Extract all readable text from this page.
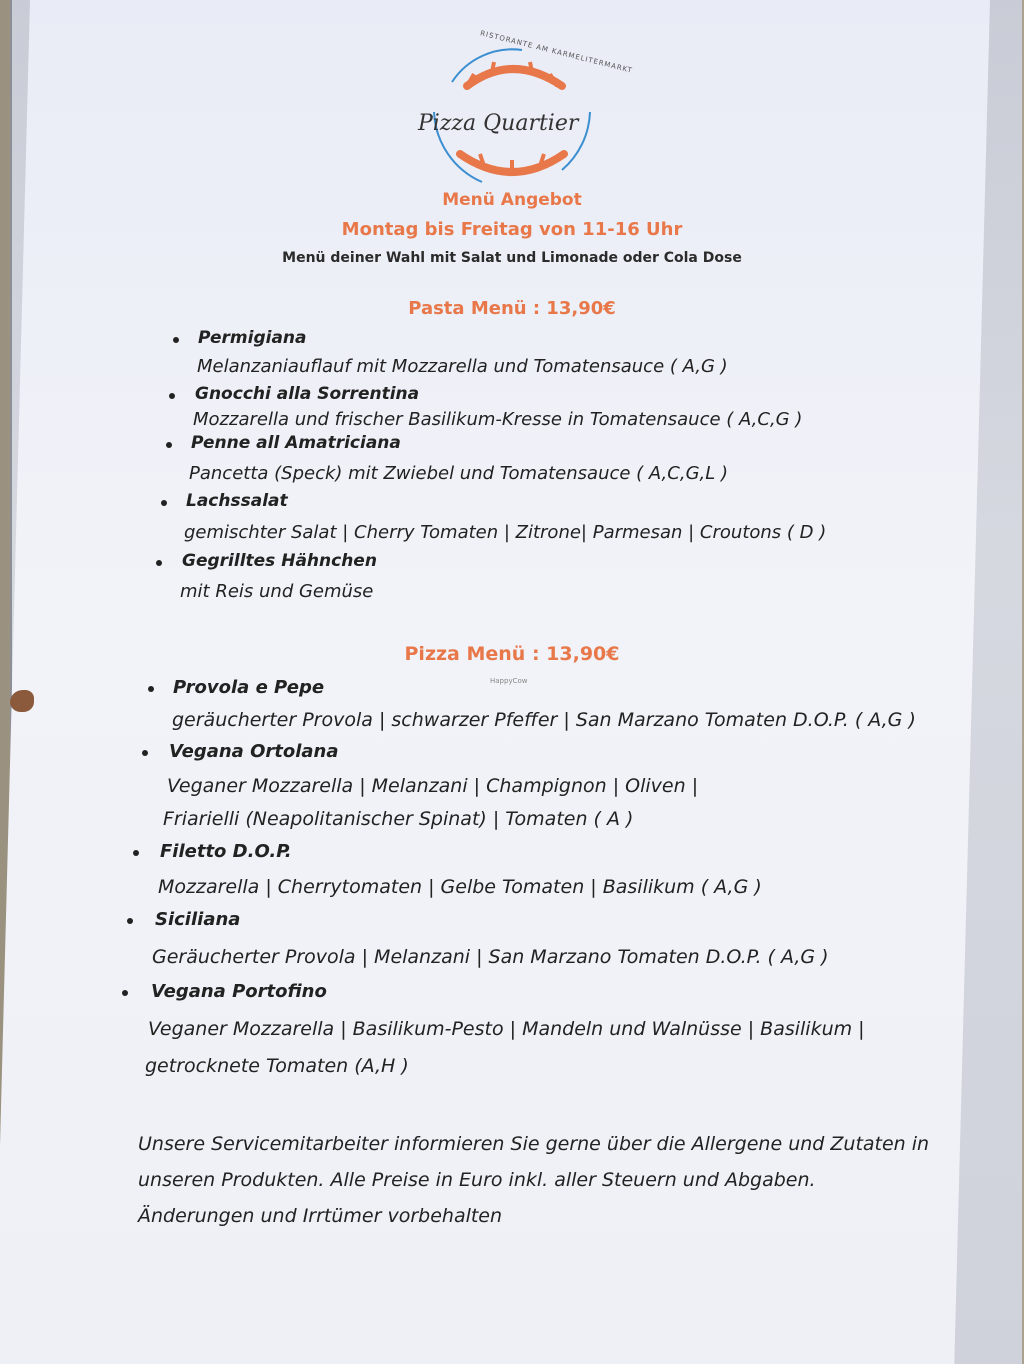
Pizza Quartier
RISTORANTE AM KARMELITERMARKT
Menü Angebot
Montag bis Freitag von 11-16 Uhr
Menü deiner Wahl mit Salat und Limonade oder Cola Dose
Pasta Menü : 13,90€
Permigiana
Melanzaniauflauf mit Mozzarella und Tomatensauce ( A,G )
Gnocchi alla Sorrentina
Mozzarella und frischer Basilikum-Kresse in Tomatensauce ( A,C,G )
Penne all Amatriciana
Pancetta (Speck) mit Zwiebel und Tomatensauce ( A,C,G,L )
Lachssalat
gemischter Salat | Cherry Tomaten | Zitrone| Parmesan | Croutons ( D )
Gegrilltes Hähnchen
mit Reis und Gemüse
Pizza Menü : 13,90€
HappyCow
Provola e Pepe
geräucherter Provola | schwarzer Pfeffer | San Marzano Tomaten D.O.P. ( A,G )
Vegana Ortolana
Veganer Mozzarella | Melanzani | Champignon | Oliven |
Friarielli (Neapolitanischer Spinat) | Tomaten ( A )
Filetto D.O.P.
Mozzarella | Cherrytomaten | Gelbe Tomaten | Basilikum ( A,G )
Siciliana
Geräucherter Provola | Melanzani | San Marzano Tomaten D.O.P. ( A,G )
Vegana Portofino
Veganer Mozzarella | Basilikum-Pesto | Mandeln und Walnüsse | Basilikum |
getrocknete Tomaten (A,H )
Unsere Servicemitarbeiter informieren Sie gerne über die Allergene und Zutaten in
unseren Produkten. Alle Preise in Euro inkl. aller Steuern und Abgaben.
Änderungen und Irrtümer vorbehalten
